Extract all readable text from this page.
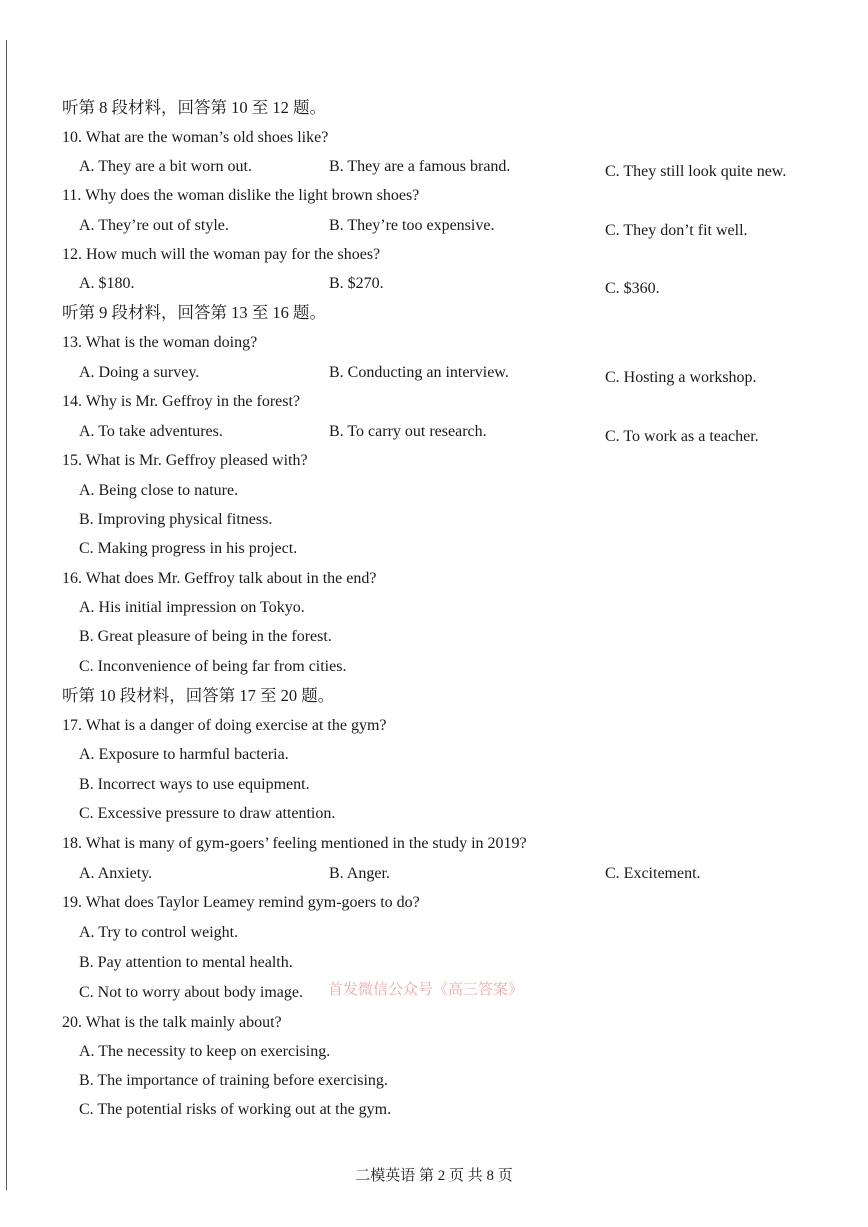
听第 8 段材料，回答第 10 至 12 题。
10. What are the woman’s old shoes like?
A. They are a bit worn out.	B. They are a famous brand.	C. They still look quite new.
11. Why does the woman dislike the light brown shoes?
A. They’re out of style.	B. They’re too expensive.	C. They don’t fit well.
12. How much will the woman pay for the shoes?
A. $180.	B. $270.	C. $360.
听第 9 段材料，回答第 13 至 16 题。
13. What is the woman doing?
A. Doing a survey.	B. Conducting an interview.	C. Hosting a workshop.
14. Why is Mr. Geffroy in the forest?
A. To take adventures.	B. To carry out research.	C. To work as a teacher.
15. What is Mr. Geffroy pleased with?
A. Being close to nature.
B. Improving physical fitness.
C. Making progress in his project.
16. What does Mr. Geffroy talk about in the end?
A. His initial impression on Tokyo.
B. Great pleasure of being in the forest.
C. Inconvenience of being far from cities.
听第 10 段材料，回答第 17 至 20 题。
17. What is a danger of doing exercise at the gym?
A. Exposure to harmful bacteria.
B. Incorrect ways to use equipment.
C. Excessive pressure to draw attention.
18. What is many of gym-goers’ feeling mentioned in the study in 2019?
A. Anxiety.	B. Anger.	C. Excitement.
19. What does Taylor Leamey remind gym-goers to do?
A. Try to control weight.
B. Pay attention to mental health.
C. Not to worry about body image. 首发微信公众号《高三答案》
20. What is the talk mainly about?
A. The necessity to keep on exercising.
B. The importance of training before exercising.
C. The potential risks of working out at the gym.
二模英语 第 2 页 共 8 页
